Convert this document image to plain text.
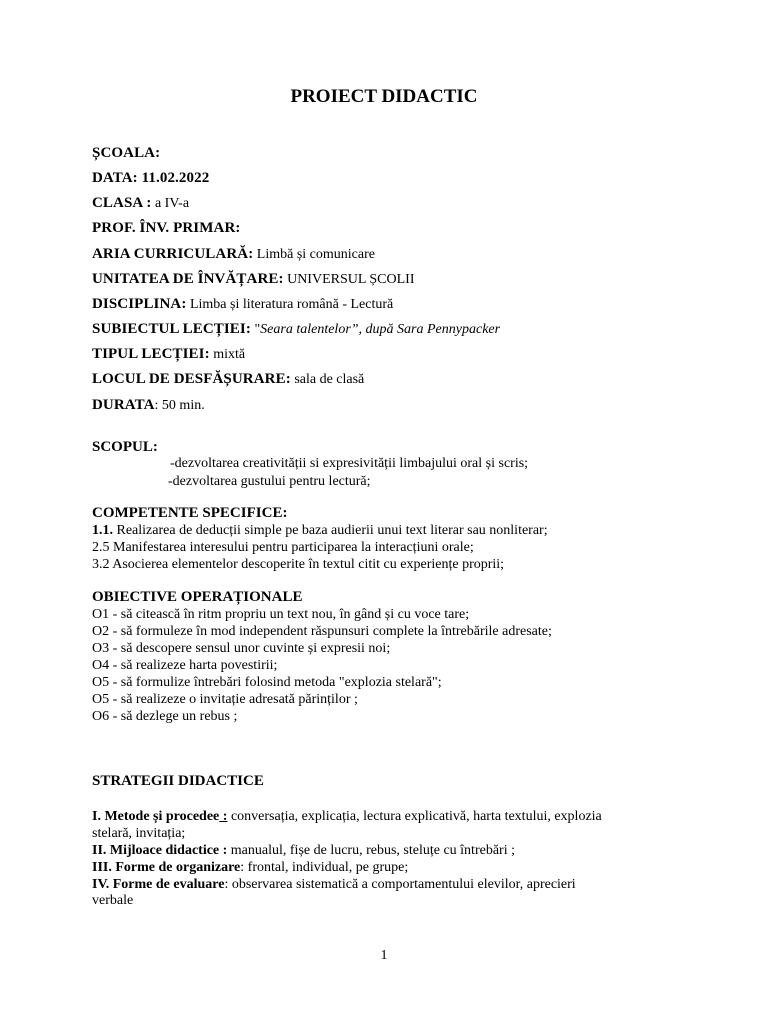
PROIECT DIDACTIC
ȘCOALA:
DATA: 11.02.2022
CLASA : a IV-a
PROF. ÎNV. PRIMAR:
ARIA CURRICULARĂ: Limbă și comunicare
UNITATEA DE ÎNVĂȚARE: UNIVERSUL ȘCOLII
DISCIPLINA: Limba și literatura română - Lectură
SUBIECTUL LECȚIEI: "Seara talentelor”, după Sara Pennypacker
TIPUL LECȚIEI: mixtă
LOCUL DE DESFĂȘURARE: sala de clasă
DURATA: 50 min.
SCOPUL:
-dezvoltarea creativității si expresivității limbajului oral și scris;
-dezvoltarea gustului pentru lectură;
COMPETENTE SPECIFICE:
1.1. Realizarea de deducții simple pe baza audierii unui text literar sau nonliterar;
2.5 Manifestarea interesului pentru participarea la interacțiuni orale;
3.2 Asocierea elementelor descoperite în textul citit cu experiențe proprii;
OBIECTIVE OPERAȚIONALE
O1 - să citească în ritm propriu un text nou, în gând și cu voce tare;
O2 - să formuleze în mod independent răspunsuri complete la întrebările adresate;
O3 - să descopere sensul unor cuvinte și expresii noi;
O4 - să realizeze harta povestirii;
O5 - să formulize întrebări folosind metoda "explozia stelară";
O5 - să realizeze o invitație adresată părinților ;
O6 - să dezlege un rebus ;
STRATEGII DIDACTICE
I. Metode și procedee : conversația, explicația, lectura explicativă, harta textului, explozia
stelară, invitația;
II. Mijloace didactice : manualul, fișe de lucru, rebus, steluțe cu întrebări ;
III. Forme de organizare: frontal, individual, pe grupe;
IV. Forme de evaluare: observarea sistematică a comportamentului elevilor, aprecieri
verbale
1
